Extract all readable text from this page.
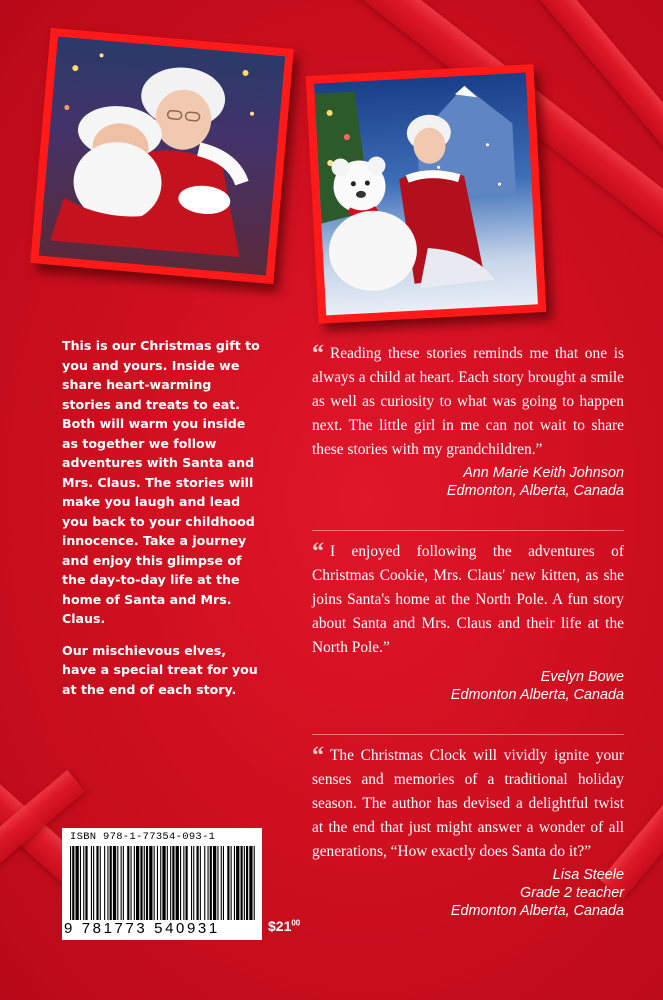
This is our Christmas gift to you and yours. Inside we share heart-warming stories and treats to eat. Both will warm you inside as together we follow adventures with Santa and Mrs. Claus. The stories will make you laugh and lead you back to your childhood innocence. Take a journey and enjoy this glimpse of the day-to-day life at the home of Santa and Mrs. Claus.

Our mischievous elves, have a special treat for you at the end of each story.

“ Reading these stories reminds me that one is always a child at heart. Each story brought a smile as well as curiosity to what was going to happen next. The little girl in me can not wait to share these stories with my grandchildren.”
Ann Marie Keith Johnson
Edmonton, Alberta, Canada
“ I enjoyed following the adventures of Christmas Cookie, Mrs. Claus' new kitten, as she joins Santa's home at the North Pole. A fun story about Santa and Mrs. Claus and their life at the North Pole.”
Evelyn Bowe
Edmonton Alberta, Canada
“ The Christmas Clock will vividly ignite your senses and memories of a traditional holiday season. The author has devised a delightful twist at the end that just might answer a wonder of all generations, “How exactly does Santa do it?”
Lisa Steele
Grade 2 teacher
Edmonton Alberta, Canada
ISBN 978-1-77354-093-1
9 781773 540931	$\$21^{00}$
